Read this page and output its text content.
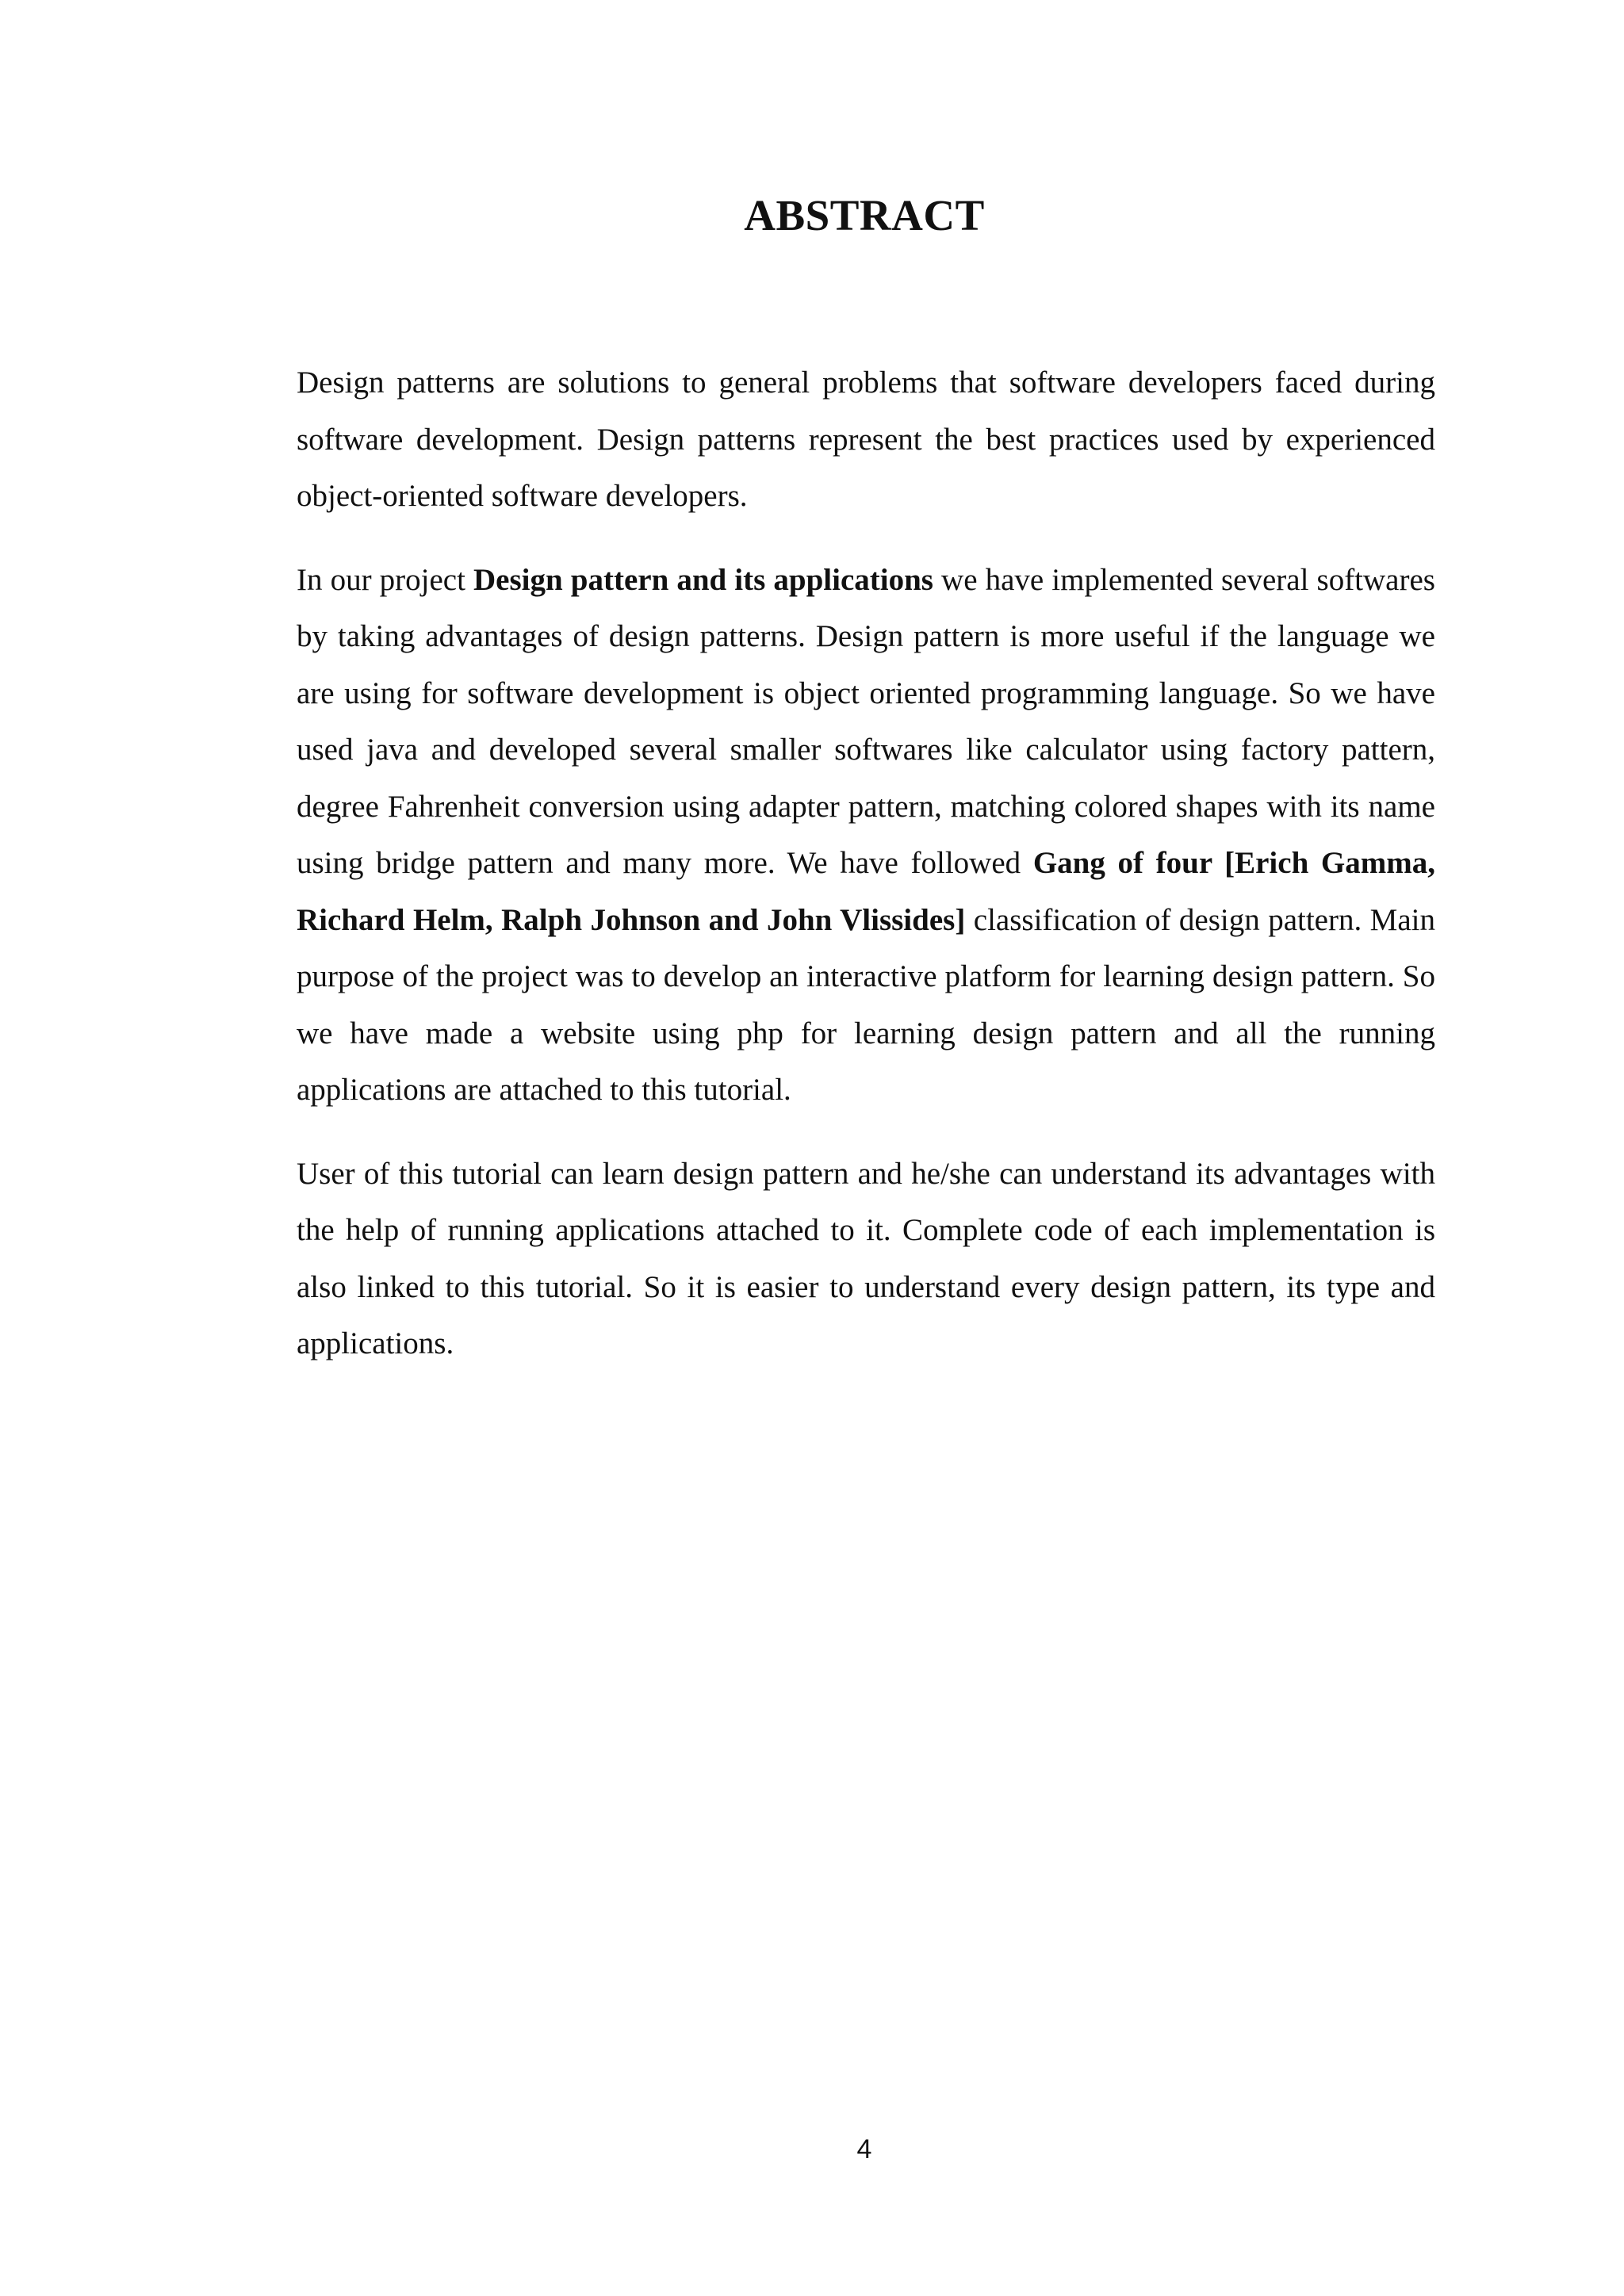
ABSTRACT

Design patterns are solutions to general problems that software developers faced during software development. Design patterns represent the best practices used by experienced object-oriented software developers.

In our project Design pattern and its applications we have implemented several softwares by taking advantages of design patterns. Design pattern is more useful if the language we are using for software development is object oriented programming language. So we have used java and developed several smaller softwares like calculator using factory pattern, degree Fahrenheit conversion using adapter pattern, matching colored shapes with its name using bridge pattern and many more. We have followed Gang of four [Erich Gamma, Richard Helm, Ralph Johnson and John Vlissides] classification of design pattern. Main purpose of the project was to develop an interactive platform for learning design pattern. So we have made a website using php for learning design pattern and all the running applications are attached to this tutorial.

User of this tutorial can learn design pattern and he/she can understand its advantages with the help of running applications attached to it. Complete code of each implementation is also linked to this tutorial. So it is easier to understand every design pattern, its type and applications.

4
